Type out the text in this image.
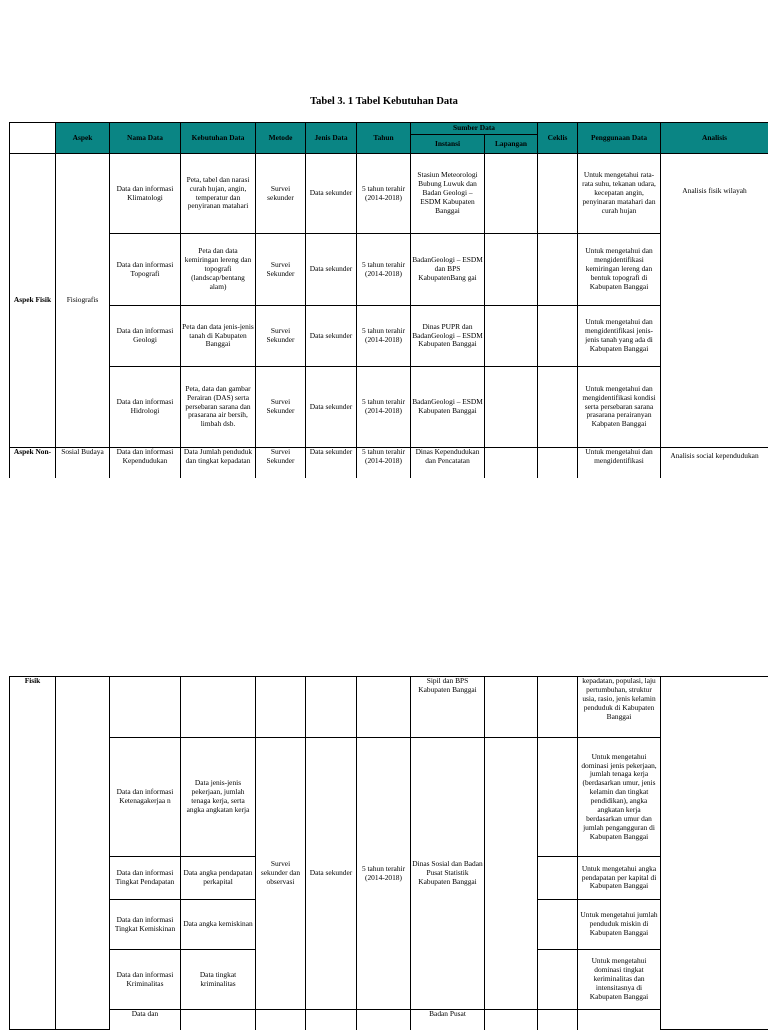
Tabel 3. 1 Tabel Kebutuhan Data
	Aspek	Nama Data	Kebutuhan Data	Metode	Jenis Data	Tahun	Sumber Data		Ceklis	Penggunaan Data	Analisis	
							Instansi	Lapangan				
Aspek Fisik	Fisiografis	Data dan informasi Klimatologi	Peta, tabel dan narasi curah hujan, angin, temperatur dan penyiranan matahari	Survei sekunder	Data sekunder	5 tahun terahir (2014-2018)	Stasiun Meteorologi Bubung Luwuk dan Badan Geologi – ESDM Kabupaten Banggai			Untuk mengetahui rata-rata suhu, tekanan udara, kecepatan angin, penyinaran matahari dan curah hujan	Analisis fisik wilayah	

		Data dan informasi Topografi	Peta dan data kemiringan lereng dan topografi (landscap/bentang alam)	Survei Sekunder	Data sekunder	5 tahun terahir (2014-2018)	BadanGeologi – ESDM dan BPS KabupatenBang gai			Untuk mengetahui dan mengidentifikasi kemiringan lereng dan bentuk topografi di Kabupaten Banggai		
		Data dan informasi Geologi	Peta dan data jenis-jenis tanah di Kabupaten Banggai	Survei Sekunder	Data sekunder	5 tahun terahir (2014-2018)	Dinas PUPR dan BadanGeologi – ESDM Kabupaten Banggai			Untuk mengetahui dan mengidentifikasi jenis-jenis tanah yang ada di Kabupaten Banggai		
		Data dan informasi Hidrologi	Peta, data dan gambar Perairan (DAS) serta persebaran sarana dan prasarana air bersih, limbah dsb.	Survei Sekunder	Data sekunder	5 tahun terahir (2014-2018)	BadanGeologi – ESDM Kabupaten Banggai			Untuk mengetahui dan mengidentifikasi kondisi serta persebaran sarana prasarana perairanyan Kabpaten Banggai		
Aspek Non-	Sosial Budaya	Data dan informasi Kependudukan	Data Jumlah penduduk dan tingkat kepadatan	Survei Sekunder	Data sekunder	5 tahun terahir (2014-2018)	Dinas Kependudukan dan Pencatatan			Untuk mengetahui dan mengidentifikasi	Analisis social kependudukan	

Fisik							Sipil dan BPS Kabupaten Banggai			kepadatan, populasi, laju pertumbuhan, struktur usia, rasio, jenis kelamin penduduk di Kabupaten Banggai		
		Data dan informasi Ketenagakerjaa n	Data jenis-jenis pekerjaan, jumlah tenaga kerja, serta angka angkatan kerja	Survei sekunder dan observasi	Data sekunder	5 tahun terahir (2014-2018)	Dinas Sosial dan Badan Pusat Statistik Kabupaten Banggai			Untuk mengetahui dominasi jenis pekerjaan, jumlah tenaga kerja (berdasarkan umur, jenis kelamin dan tingkat pendidikan), angka angkatan kerja berdasarkan umur dan jumlah pengangguran di Kabupaten Banggai		
		Data dan informasi Tingkat Pendapatan	Data angka pendapatan perkapital							Untuk mengetahui angka pendapatan per kapital di Kabupaten Banggai		
		Data dan informasi Tingkat Kemiskinan	Data angka kemiskinan							Untuk mengetahui jumlah penduduk miskin di Kabupaten Banggai		
		Data dan informasi Kriminalitas	Data tingkat kriminalitas							Untuk mengetahui dominasi tingkat keriminalitas dan intensitasnya di Kabupaten Banggai		
		Data dan					Badan Pusat					
